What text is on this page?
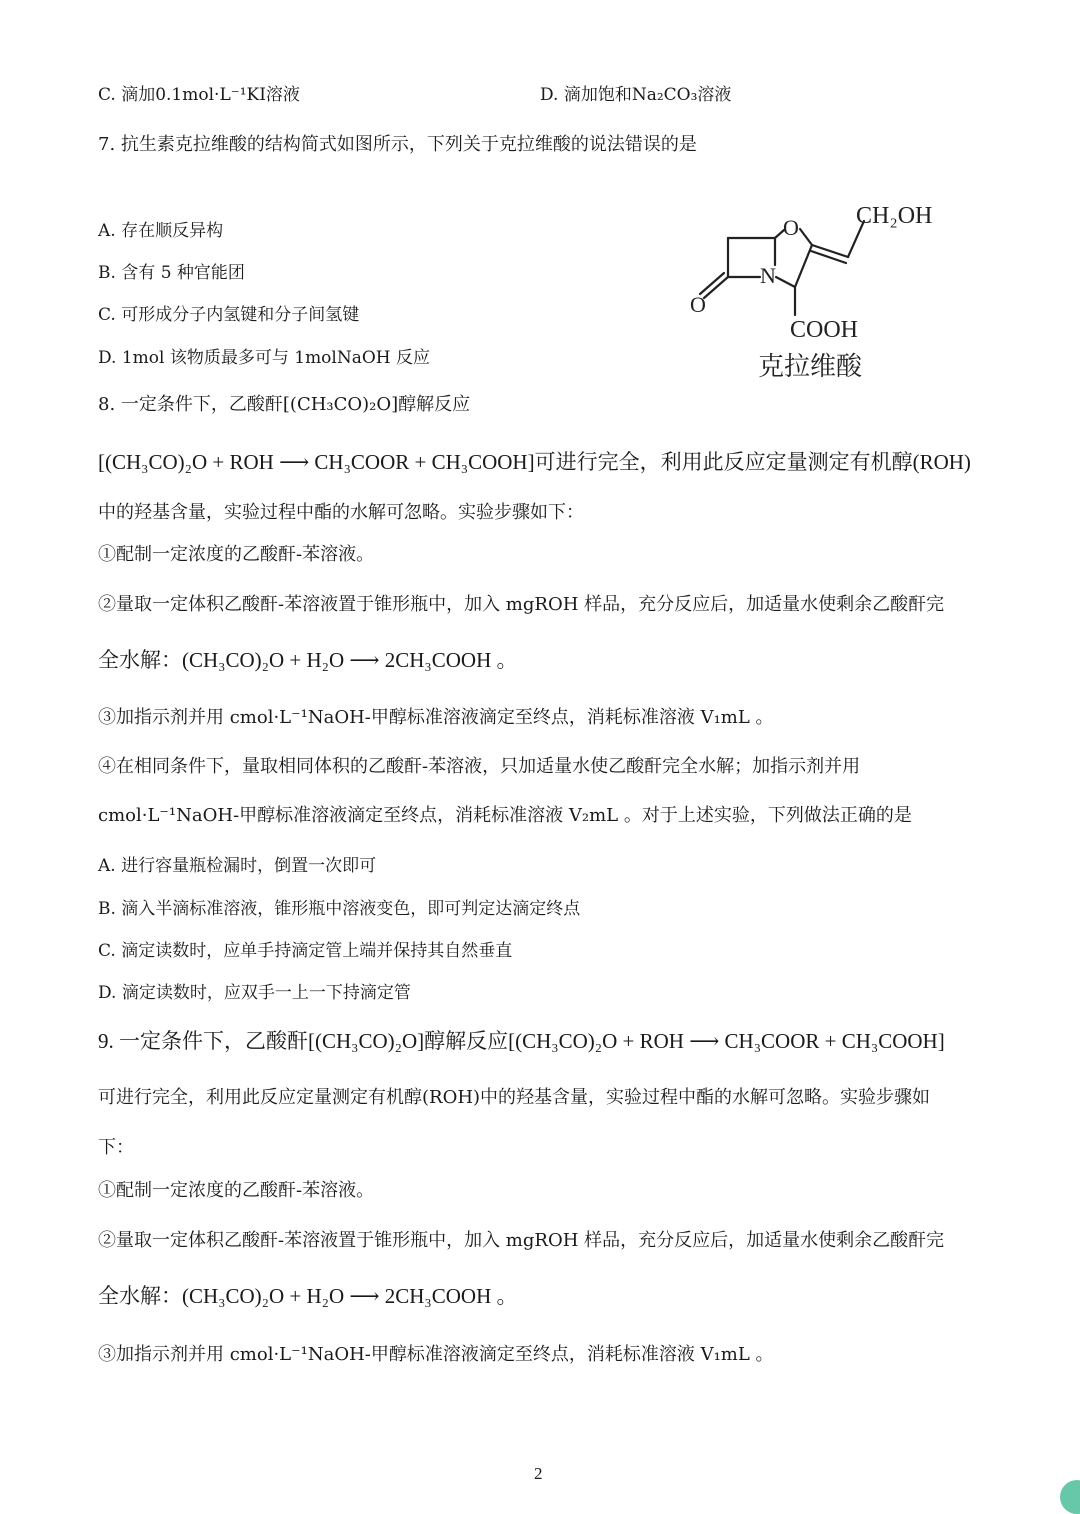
C. 滴加0.1mol·L⁻¹KI溶液	D. 滴加饱和Na₂CO₃溶液
7. 抗生素克拉维酸的结构简式如图所示，下列关于克拉维酸的说法错误的是
A. 存在顺反异构
B. 含有 5 种官能团
C. 可形成分子内氢键和分子间氢键
D. 1mol 该物质最多可与 1molNaOH 反应
O
N
O
CH₂OH
COOH
克拉维酸
8. 一定条件下，乙酸酐[(CH₃CO)₂O]醇解反应
[(CH₃CO)₂O + ROH ⟶ CH₃COOR + CH₃COOH]可进行完全，利用此反应定量测定有机醇(ROH)
中的羟基含量，实验过程中酯的水解可忽略。实验步骤如下：
①配制一定浓度的乙酸酐-苯溶液。
②量取一定体积乙酸酐-苯溶液置于锥形瓶中，加入 mgROH 样品，充分反应后，加适量水使剩余乙酸酐完
全水解：(CH₃CO)₂O + H₂O ⟶ 2CH₃COOH 。
③加指示剂并用 cmol·L⁻¹NaOH-甲醇标准溶液滴定至终点，消耗标准溶液 V₁mL 。
④在相同条件下，量取相同体积的乙酸酐-苯溶液，只加适量水使乙酸酐完全水解；加指示剂并用
cmol·L⁻¹NaOH-甲醇标准溶液滴定至终点，消耗标准溶液 V₂mL 。对于上述实验，下列做法正确的是
A. 进行容量瓶检漏时，倒置一次即可
B. 滴入半滴标准溶液，锥形瓶中溶液变色，即可判定达滴定终点
C. 滴定读数时，应单手持滴定管上端并保持其自然垂直
D. 滴定读数时，应双手一上一下持滴定管
9. 一定条件下，乙酸酐[(CH₃CO)₂O]醇解反应[(CH₃CO)₂O + ROH ⟶ CH₃COOR + CH₃COOH]
可进行完全，利用此反应定量测定有机醇(ROH)中的羟基含量，实验过程中酯的水解可忽略。实验步骤如
下：
①配制一定浓度的乙酸酐-苯溶液。
②量取一定体积乙酸酐-苯溶液置于锥形瓶中，加入 mgROH 样品，充分反应后，加适量水使剩余乙酸酐完
全水解：(CH₃CO)₂O + H₂O ⟶ 2CH₃COOH 。
③加指示剂并用 cmol·L⁻¹NaOH-甲醇标准溶液滴定至终点，消耗标准溶液 V₁mL 。
2
